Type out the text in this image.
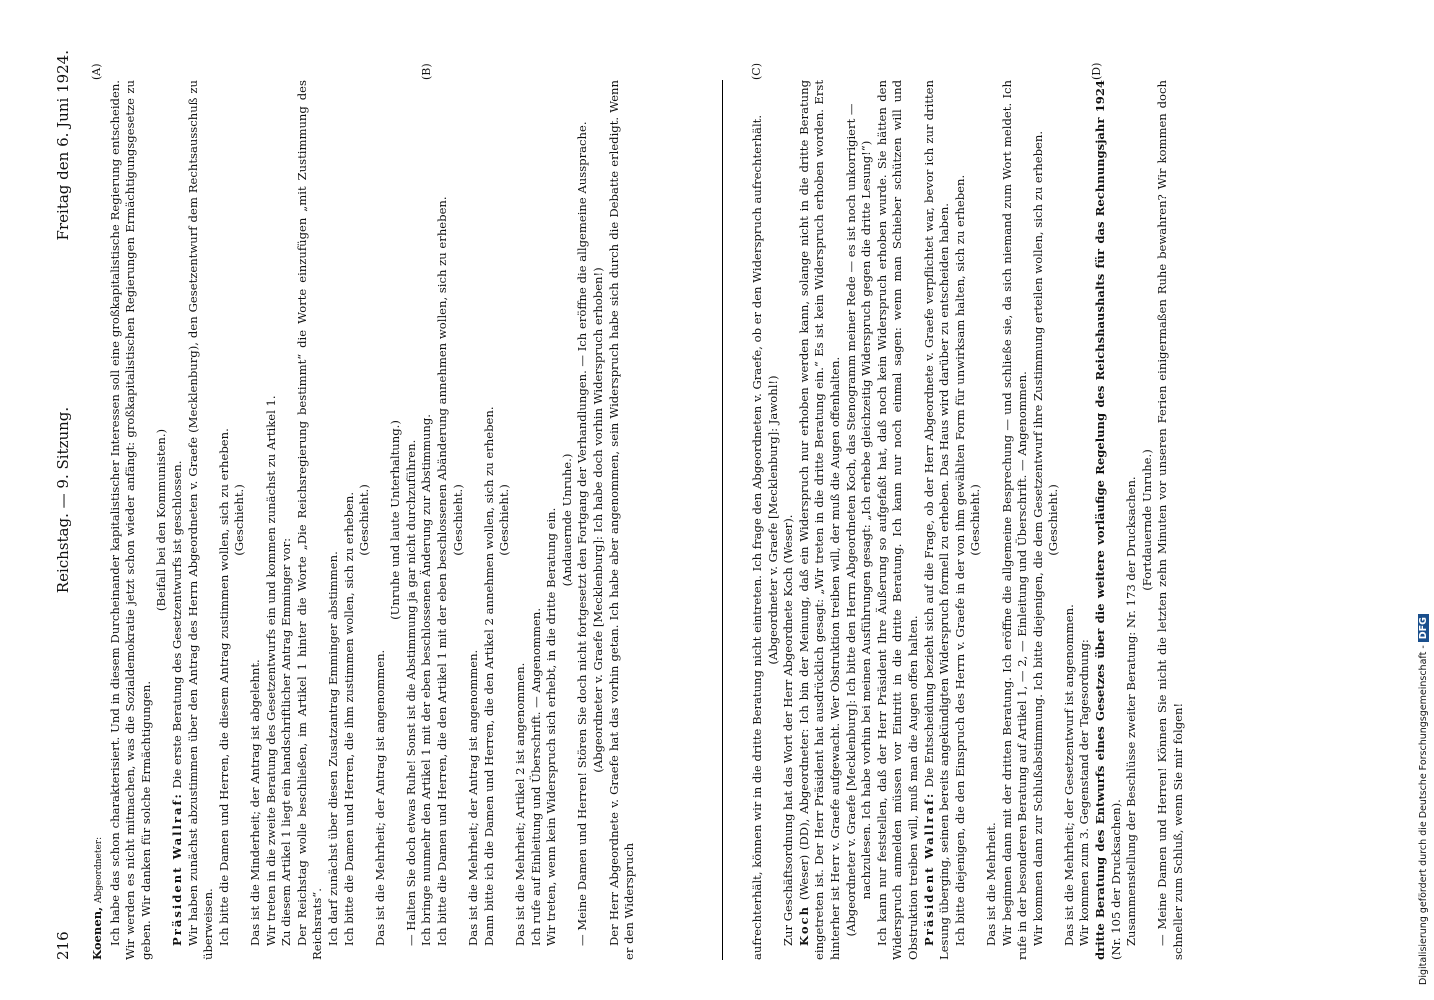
216
Reichstag. — 9. Sitzung.
Freitag den 6. Juni 1924. (A)	(B)	(C)	(D)

Koenen, Abgeordneter: Ich habe das schon charakterisiert. Und in diesem Durcheinander kapitalistischer Interessen soll eine großkapitalistische Regierung entscheiden. Wir werden es nicht mitmachen, was die Sozialdemokratie jetzt schon wieder anfängt: großkapitalistischen Regierungen Ermächtigungsgesetze zu geben. Wir danken für solche Ermächtigungen.

(Beifall bei den Kommunisten.)

Präsident Wallraf: Die erste Beratung des Gesetzentwurfs ist geschlossen. Wir haben zunächst abzustimmen über den Antrag des Herrn Abgeordneten v. Graefe (Mecklenburg), den Gesetzentwurf dem Rechtsausschuß zu überweisen. Ich bitte die Damen und Herren, die diesem Antrag zustimmen wollen, sich zu erheben. (Geschieht.)

Das ist die Minderheit; der Antrag ist abgelehnt. Wir treten in die zweite Beratung des Gesetzentwurfs ein und kommen zunächst zu Artikel 1. Zu diesem Artikel 1 liegt ein handschriftlicher Antrag Emminger vor: Der Reichstag wolle beschließen, im Artikel 1 hinter die Worte „Die Reichsregierung bestimmt“ die Worte einzufügen „mit Zustimmung des Reichsrats“. Ich darf zunächst über diesen Zusatzantrag Emminger abstimmen. Ich bitte die Damen und Herren, die ihm zustimmen wollen, sich zu erheben. (Geschieht.)

Das ist die Mehrheit; der Antrag ist angenommen.

(Unruhe und laute Unterhaltung.) — Halten Sie doch etwas Ruhe! Sonst ist die Abstimmung ja gar nicht durchzuführen. Ich bringe nunmehr den Artikel 1 mit der eben beschlossenen Änderung zur Abstimmung. Ich bitte die Damen und Herren, die den Artikel 1 mit der eben beschlossenen Abänderung annehmen wollen, sich zu erheben. (Geschieht.)

Das ist die Mehrheit; der Antrag ist angenommen. Dann bitte ich die Damen und Herren, die den Artikel 2 annehmen wollen, sich zu erheben. (Geschieht.)

Das ist die Mehrheit; Artikel 2 ist angenommen. Ich rufe auf Einleitung und Überschrift. — Angenommen. Wir treten, wenn kein Widerspruch sich erhebt, in die dritte Beratung ein. (Andauernde Unruhe.) — Meine Damen und Herren! Stören Sie doch nicht fortgesetzt den Fortgang der Verhandlungen. — Ich eröffne die allgemeine Aussprache. (Abgeordneter v. Graefe [Mecklenburg]: Ich habe doch vorhin Widerspruch erhoben!) Der Herr Abgeordnete v. Graefe hat das vorhin getan. Ich habe aber angenommen, sein Widerspruch habe sich durch die Debatte erledigt. Wenn er den Widerspruch	aufrechterhält, können wir in die dritte Beratung nicht eintreten. Ich frage den Abgeordneten v. Graefe, ob er den Widerspruch aufrechterhält. (Abgeordneter v. Graefe [Mecklenburg]: Jawohl!) Zur Geschäftsordnung hat das Wort der Herr Abgeordnete Koch (Weser). Koch (Weser) (DD), Abgeordneter: Ich bin der Meinung, daß ein Widerspruch nur erhoben werden kann, solange nicht in die dritte Beratung eingetreten ist. Der Herr Präsident hat ausdrücklich gesagt: „Wir treten in die dritte Beratung ein.“ Es ist kein Widerspruch erhoben worden. Erst hinterher ist Herr v. Graefe aufgewacht. Wer Obstruktion treiben will, der muß die Augen offenhalten. (Abgeordneter v. Graefe [Mecklenburg]: Ich bitte den Herrn Abgeordneten Koch, das Stenogramm meiner Rede — es ist noch unkorrigiert — nachzulesen. Ich habe vorhin bei meinen Ausführungen gesagt: „Ich erhebe gleichzeitig Widerspruch gegen die dritte Lesung!“) Ich kann nur feststellen, daß der Herr Präsident Ihre Äußerung so aufgefaßt hat, daß noch kein Widerspruch erhoben wurde. Sie hätten den Widerspruch anmelden müssen vor Eintritt in die dritte Beratung. Ich kann nur noch einmal sagen: wenn man Schieber schützen will und Obstruktion treiben will, muß man die Augen offen halten. Präsident Wallraf: Die Entscheidung bezieht sich auf die Frage, ob der Herr Abgeordnete v. Graefe verpflichtet war, bevor ich zur dritten Lesung überging, seinen bereits angekündigten Widerspruch formell zu erheben. Das Haus wird darüber zu entscheiden haben. Ich bitte diejenigen, die den Einspruch des Herrn v. Graefe in der von ihm gewählten Form für unwirksam halten, sich zu erheben. (Geschieht.)

Das ist die Mehrheit. Wir beginnen dann mit der dritten Beratung. Ich eröffne die allgemeine Besprechung — und schließe sie, da sich niemand zum Wort meldet. Ich rufe in der besonderen Beratung auf Artikel 1, — 2, — Einleitung und Überschrift. — Angenommen. Wir kommen dann zur Schlußabstimmung. Ich bitte diejenigen, die dem Gesetzentwurf ihre Zustimmung erteilen wollen, sich zu erheben. (Geschieht.)

Das ist die Mehrheit; der Gesetzentwurf ist angenommen. Wir kommen zum 3. Gegenstand der Tagesordnung: dritte Beratung des Entwurfs eines Gesetzes über die weitere vorläufige Regelung des Reichshaushalts für das Rechnungsjahr 1924 (Nr. 105 der Drucksachen). Zusammenstellung der Beschlüsse zweiter Beratung: Nr. 173 der Drucksachen. (Fortdauernde Unruhe.) — Meine Damen und Herren! Können Sie nicht die letzten zehn Minuten vor unseren Ferien einigermaßen Ruhe bewahren? Wir kommen doch schneller zum Schluß, wenn Sie mir folgen!	Digitalisierung gefördert durch die Deutsche Forschungsgemeinschaft -DFG
